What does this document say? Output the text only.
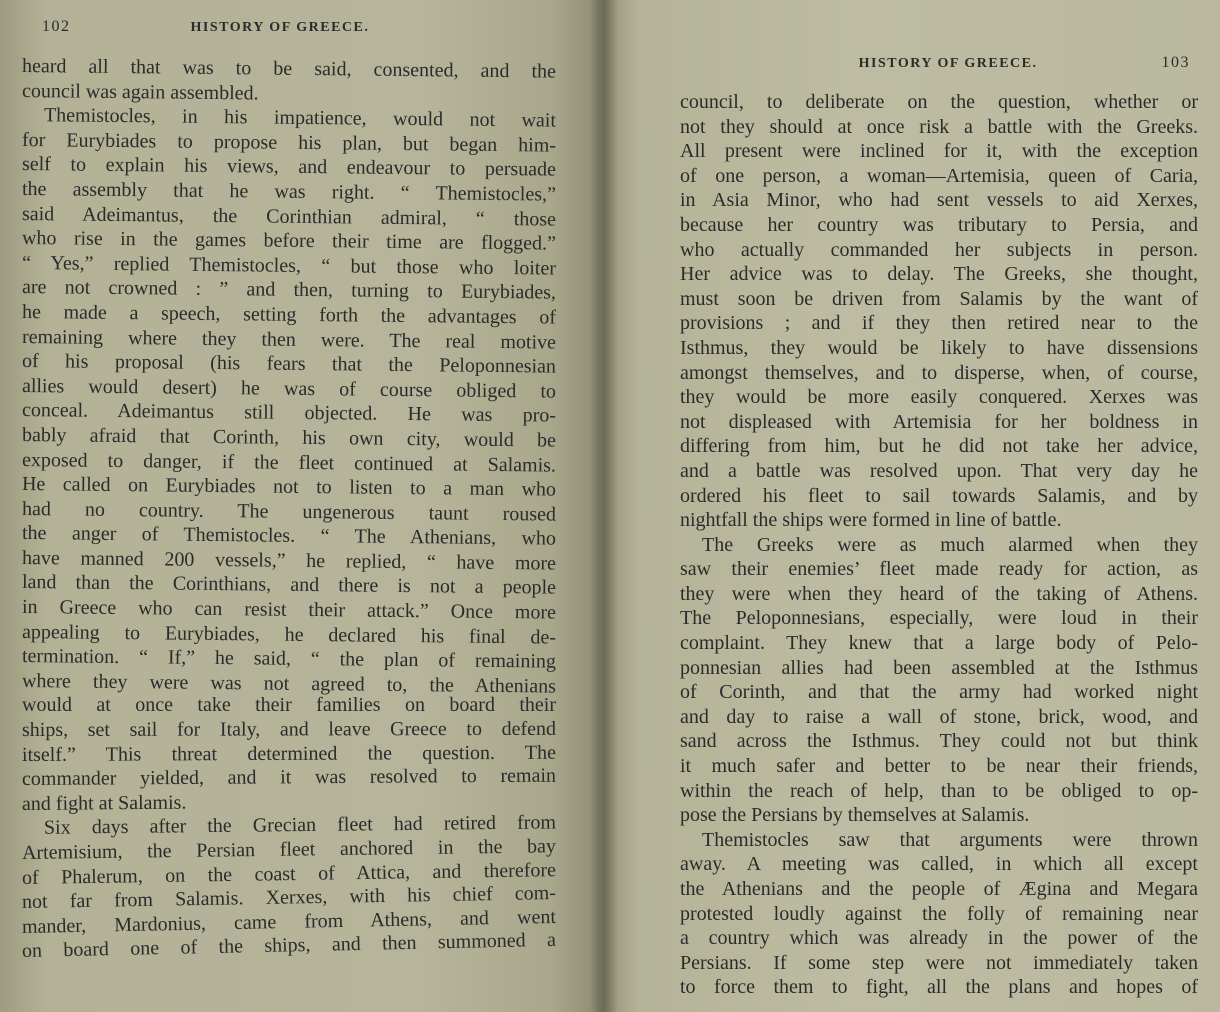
102	HISTORY OF GREECE.
heard all that was to be said, consented, and the
council was again assembled.
Themistocles, in his impatience, would not wait
for Eurybiades to propose his plan, but began him-
self to explain his views, and endeavour to persuade
the assembly that he was right. “ Themistocles,”
said Adeimantus, the Corinthian admiral, “ those
who rise in the games before their time are flogged.”
“ Yes,” replied Themistocles, “ but those who loiter
are not crowned : ” and then, turning to Eurybiades,
he made a speech, setting forth the advantages of
remaining where they then were. The real motive
of his proposal (his fears that the Peloponnesian
allies would desert) he was of course obliged to
conceal. Adeimantus still objected. He was pro-
bably afraid that Corinth, his own city, would be
exposed to danger, if the fleet continued at Salamis.
He called on Eurybiades not to listen to a man who
had no country. The ungenerous taunt roused
the anger of Themistocles. “ The Athenians, who
have manned 200 vessels,” he replied, “ have more
land than the Corinthians, and there is not a people
in Greece who can resist their attack.” Once more
appealing to Eurybiades, he declared his final de-
termination. “ If,” he said, “ the plan of remaining
where they were was not agreed to, the Athenians
would at once take their families on board their
ships, set sail for Italy, and leave Greece to defend
itself.” This threat determined the question. The
commander yielded, and it was resolved to remain
and fight at Salamis.
Six days after the Grecian fleet had retired from
Artemisium, the Persian fleet anchored in the bay
of Phalerum, on the coast of Attica, and therefore
not far from Salamis. Xerxes, with his chief com-
mander, Mardonius, came from Athens, and went
on board one of the ships, and then summoned a
HISTORY OF GREECE.	103
council, to deliberate on the question, whether or
not they should at once risk a battle with the Greeks.
All present were inclined for it, with the exception
of one person, a woman—Artemisia, queen of Caria,
in Asia Minor, who had sent vessels to aid Xerxes,
because her country was tributary to Persia, and
who actually commanded her subjects in person.
Her advice was to delay. The Greeks, she thought,
must soon be driven from Salamis by the want of
provisions ; and if they then retired near to the
Isthmus, they would be likely to have dissensions
amongst themselves, and to disperse, when, of course,
they would be more easily conquered. Xerxes was
not displeased with Artemisia for her boldness in
differing from him, but he did not take her advice,
and a battle was resolved upon. That very day he
ordered his fleet to sail towards Salamis, and by
nightfall the ships were formed in line of battle.
The Greeks were as much alarmed when they
saw their enemies’ fleet made ready for action, as
they were when they heard of the taking of Athens.
The Peloponnesians, especially, were loud in their
complaint. They knew that a large body of Pelo-
ponnesian allies had been assembled at the Isthmus
of Corinth, and that the army had worked night
and day to raise a wall of stone, brick, wood, and
sand across the Isthmus. They could not but think
it much safer and better to be near their friends,
within the reach of help, than to be obliged to op-
pose the Persians by themselves at Salamis.
Themistocles saw that arguments were thrown
away. A meeting was called, in which all except
the Athenians and the people of Ægina and Megara
protested loudly against the folly of remaining near
a country which was already in the power of the
Persians. If some step were not immediately taken
to force them to fight, all the plans and hopes of
